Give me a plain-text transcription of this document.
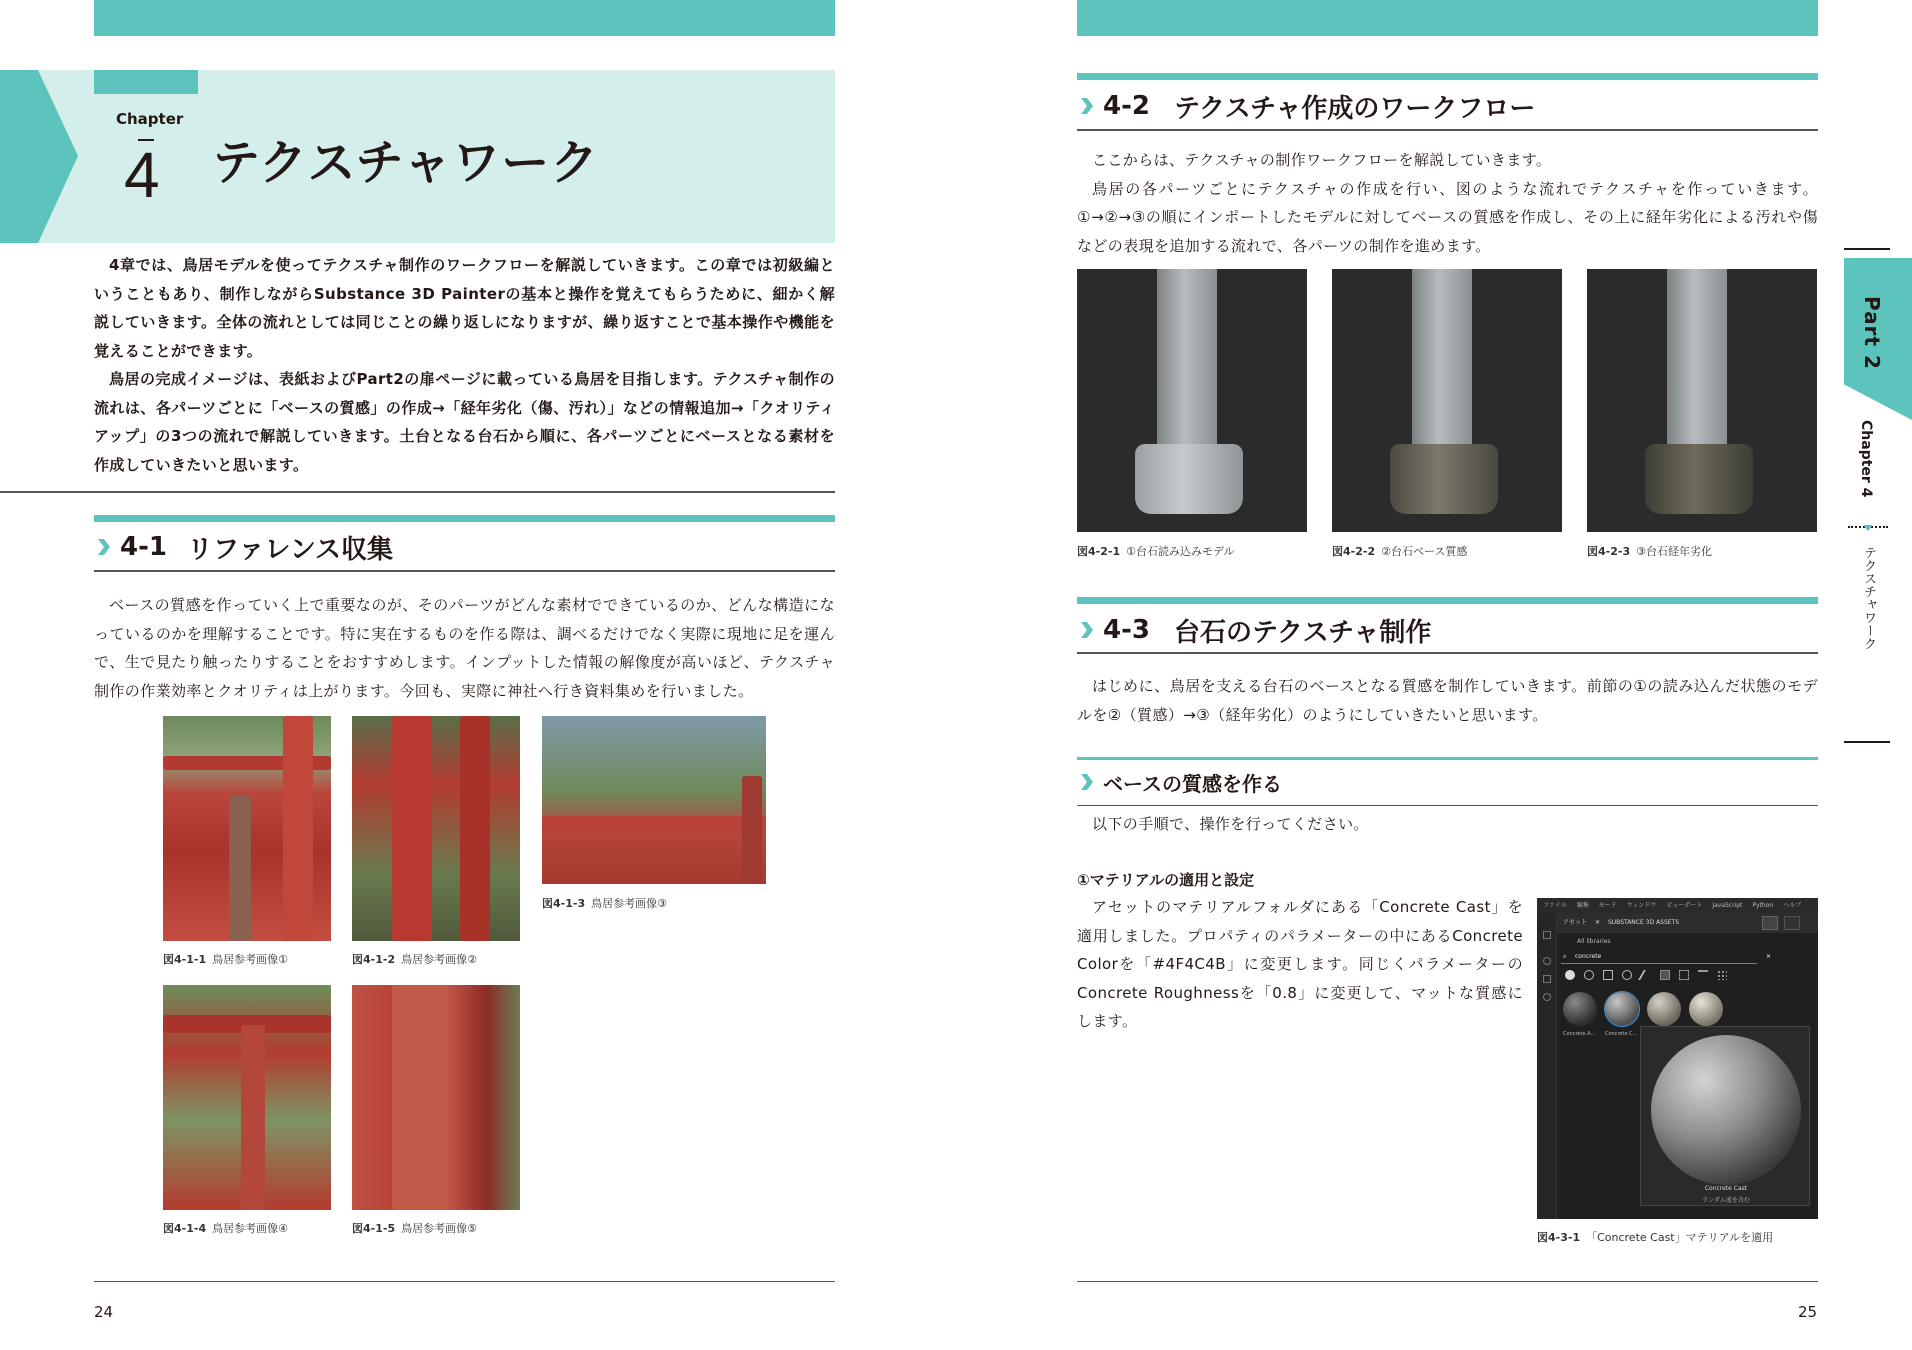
Chapter
4 テクスチャワーク

4章では、鳥居モデルを使ってテクスチャ制作のワークフローを解説していきます。この章では初級編ということもあり、制作しながらSubstance 3D Painterの基本と操作を覚えてもらうために、細かく解説していきます。全体の流れとしては同じことの繰り返しになりますが、繰り返すことで基本操作や機能を覚えることができます。

鳥居の完成イメージは、表紙およびPart2の扉ページに載っている鳥居を目指します。テクスチャ制作の流れは、各パーツごとに「ベースの質感」の作成→「経年劣化（傷、汚れ）」などの情報追加→「クオリティアップ」の3つの流れで解説していきます。土台となる台石から順に、各パーツごとにベースとなる素材を作成していきたいと思います。

4-1 リファレンス収集

ベースの質感を作っていく上で重要なのが、そのパーツがどんな素材でできているのか、どんな構造になっているのかを理解することです。特に実在するものを作る際は、調べるだけでなく実際に現地に足を運んで、生で見たり触ったりすることをおすすめします。インプットした情報の解像度が高いほど、テクスチャ制作の作業効率とクオリティは上がります。今回も、実際に神社へ行き資料集めを行いました。

図4-1-1 鳥居参考画像①	図4-1-2 鳥居参考画像②
図4-1-3 鳥居参考画像③
図4-1-4 鳥居参考画像④	図4-1-5 鳥居参考画像⑤
24
4-2 テクスチャ作成のワークフロー

ここからは、テクスチャの制作ワークフローを解説していきます。

鳥居の各パーツごとにテクスチャの作成を行い、図のような流れでテクスチャを作っていきます。①→②→③の順にインポートしたモデルに対してベースの質感を作成し、その上に経年劣化による汚れや傷などの表現を追加する流れで、各パーツの制作を進めます。

図4-2-1 ①台石読み込みモデル	図4-2-2 ②台石ベース質感	図4-2-3 ③台石経年劣化
4-3 台石のテクスチャ制作

はじめに、鳥居を支える台石のベースとなる質感を制作していきます。前節の①の読み込んだ状態のモデルを②（質感）→③（経年劣化）のようにしていきたいと思います。

ベースの質感を作る

以下の手順で、操作を行ってください。

①マテリアルの適用と設定

アセットのマテリアルフォルダにある「Concrete Cast」を適用しました。プロパティのパラメーターの中にあるConcrete Colorを「#4F4C4B」に変更します。同じくパラメーターのConcrete Roughnessを「0.8」に変更して、マットな質感にします。

ファイル 編集 モード ウィンドウ ビューポート JavaScript Python ヘルプ
アセット ✕ SUBSTANCE 3D ASSETS
All libraries
⌕ concrete	✕
Concrete A... Concrete C...
Concrete Cast
ランダム度を含む
図4-3-1 「Concrete Cast」マテリアルを適用
25
Part 2
Chapter 4
テクスチャワーク
